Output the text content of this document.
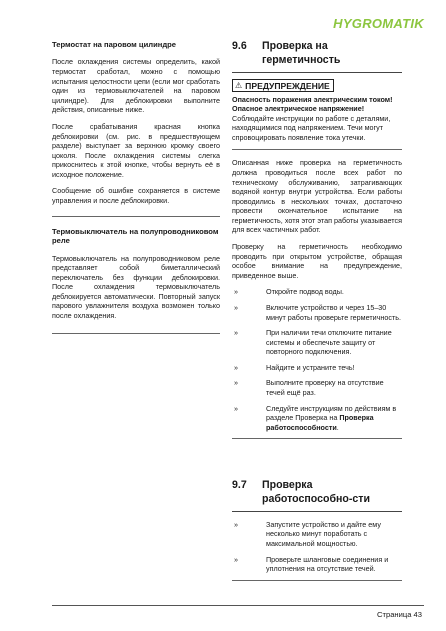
HYGROMATIK
Термостат на паровом цилиндре

После охлаждения системы определить, какой термостат сработал, можно с помощью испытания целостности цепи (если мог сработать один из термовыключателей на паровом цилиндре). Для деблокировки выполните действия, описанные ниже.

После срабатывания красная кнопка деблокировки (см. рис. в предшествующем разделе) выступает за верхнюю кромку своего цоколя. После охлаждения системы слегка прикоснитесь к этой кнопке, чтобы вернуть её в исходное положение.

Сообщение об ошибке сохраняется в системе управления и после деблокировки.

Термовыключатель на полупроводниковом реле

Термовыключатель на полупроводниковом реле представляет собой биметаллический переключатель без функции деблокировки. После охлаждения термовыключатель деблокируется автоматически. Повторный запуск парового увлажнителя воздуха возможен только после охлаждения.

9.6	Проверка на герметичность
⚠ ПРЕДУПРЕЖДЕНИЕ

Опасность поражения электрическим током! Опасное электрическое напряжение!

Соблюдайте инструкции по работе с деталями, находящимися под напряжением. Течи могут спровоцировать появление тока утечки.

Описанная ниже проверка на герметичность должна проводиться после всех работ по техническому обслуживанию, затрагивающих водяной контур внутри устройства. Если работы проводились в нескольких точках, достаточно провести окончательное испытание на герметичность, хотя этот этап работы указывается для всех частичных работ.

Проверку на герметичность необходимо проводить при открытом устройстве, обращая особое внимание на предупреждение, приведенное выше.

»	Откройте подвод воды.
»	Включите устройство и через 15–30 минут работы проверьте герметичность.
»	При наличии течи отключите питание системы и обеспечьте защиту от повторного подключения.
»	Найдите и устраните течь!
»	Выполните проверку на отсутствие течей ещё раз.
»	Следуйте инструкциям по действиям в разделе Проверка на Проверка работоспособности.
9.7	Проверка работоспособно-сти
»	Запустите устройство и дайте ему несколько минут поработать с максимальной мощностью.
»	Проверьте шланговые соединения и уплотнения на отсутствие течей.
Страница 43
